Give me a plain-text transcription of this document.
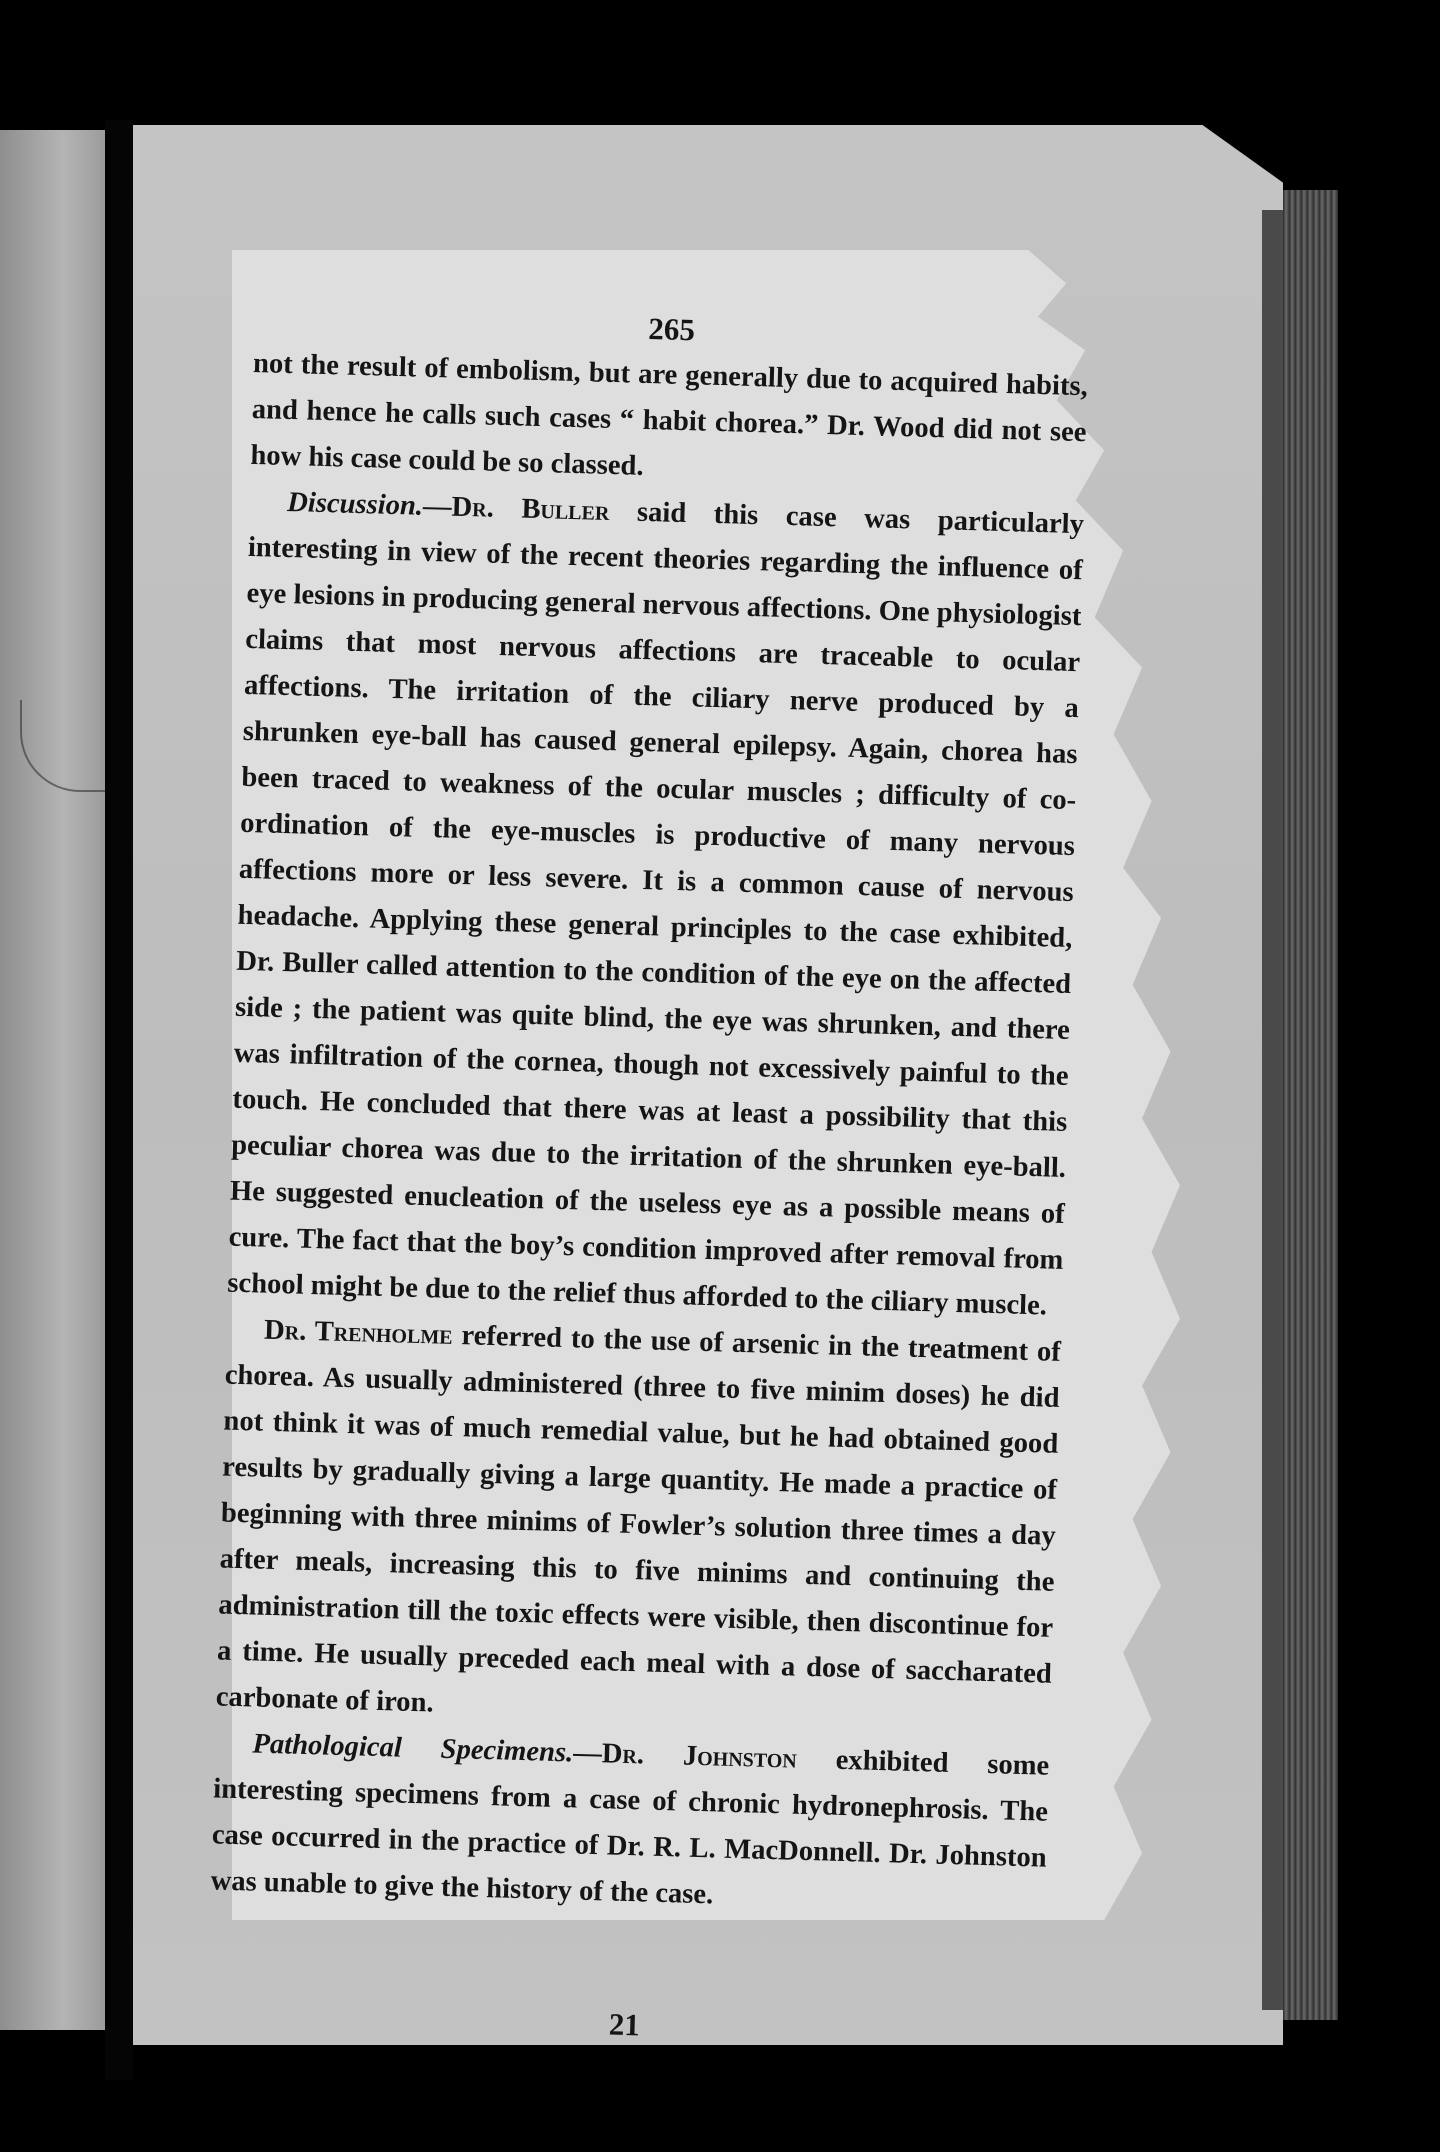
265

not the result of embolism, but are generally due to acquired habits, and hence he calls such cases “ habit chorea.” Dr. Wood did not see how his case could be so classed.

Discussion.—Dr. Buller said this case was particularly interesting in view of the recent theories regarding the influence of eye lesions in producing general nervous affections. One physiologist claims that most nervous affections are traceable to ocular affections. The irritation of the ciliary nerve produced by a shrunken eye-ball has caused general epilepsy. Again, chorea has been traced to weakness of the ocular muscles ; difficulty of co-ordination of the eye-muscles is productive of many nervous affections more or less severe. It is a common cause of nervous headache. Applying these general principles to the case exhibited, Dr. Buller called attention to the condition of the eye on the affected side ; the patient was quite blind, the eye was shrunken, and there was infiltration of the cornea, though not excessively painful to the touch. He concluded that there was at least a possibility that this peculiar chorea was due to the irritation of the shrunken eye-ball. He suggested enucleation of the useless eye as a possible means of cure. The fact that the boy’s condition improved after removal from school might be due to the relief thus afforded to the ciliary muscle.

Dr. Trenholme referred to the use of arsenic in the treatment of chorea. As usually administered (three to five minim doses) he did not think it was of much remedial value, but he had obtained good results by gradually giving a large quantity. He made a practice of beginning with three minims of Fowler’s solution three times a day after meals, increasing this to five minims and continuing the administration till the toxic effects were visible, then discontinue for a time. He usually preceded each meal with a dose of saccharated carbonate of iron.

Pathological Specimens.—Dr. Johnston exhibited some interesting specimens from a case of chronic hydronephrosis. The case occurred in the practice of Dr. R. L. MacDonnell. Dr. Johnston was unable to give the history of the case.

21
